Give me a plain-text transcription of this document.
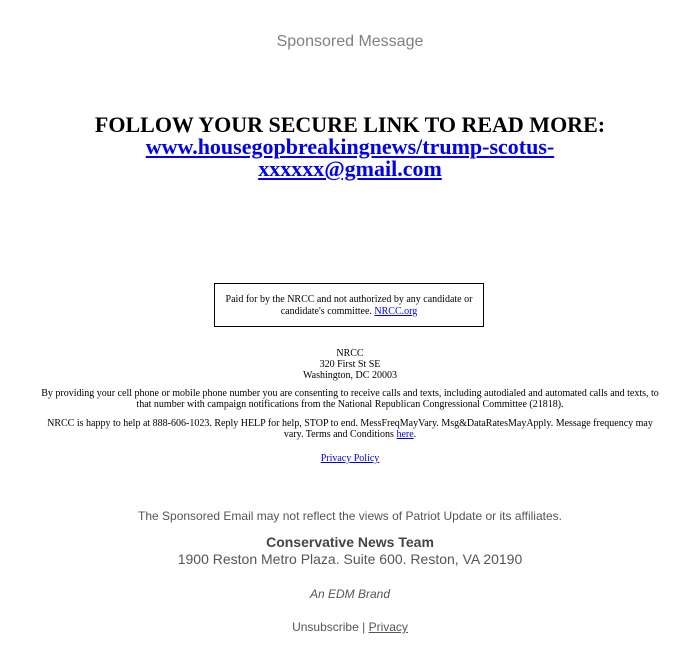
Sponsored Message
FOLLOW YOUR SECURE LINK TO READ MORE:
www.housegopbreakingnews/trump-scotus-
xxxxxx@gmail.com
Paid for by the NRCC and not authorized by any candidate or candidate's committee. NRCC.org
NRCC
320 First St SE
Washington, DC 20003
By providing your cell phone or mobile phone number you are consenting to receive calls and texts, including autodialed and automated calls and texts, to that number with campaign notifications from the National Republican Congressional Committee (21818).
NRCC is happy to help at 888-606-1023. Reply HELP for help, STOP to end. MessFreqMayVary. Msg&DataRatesMayApply. Message frequency may vary. Terms and Conditions here.
Privacy Policy
The Sponsored Email may not reflect the views of Patriot Update or its affiliates.
Conservative News Team
1900 Reston Metro Plaza. Suite 600. Reston, VA 20190
An EDM Brand
Unsubscribe | Privacy
